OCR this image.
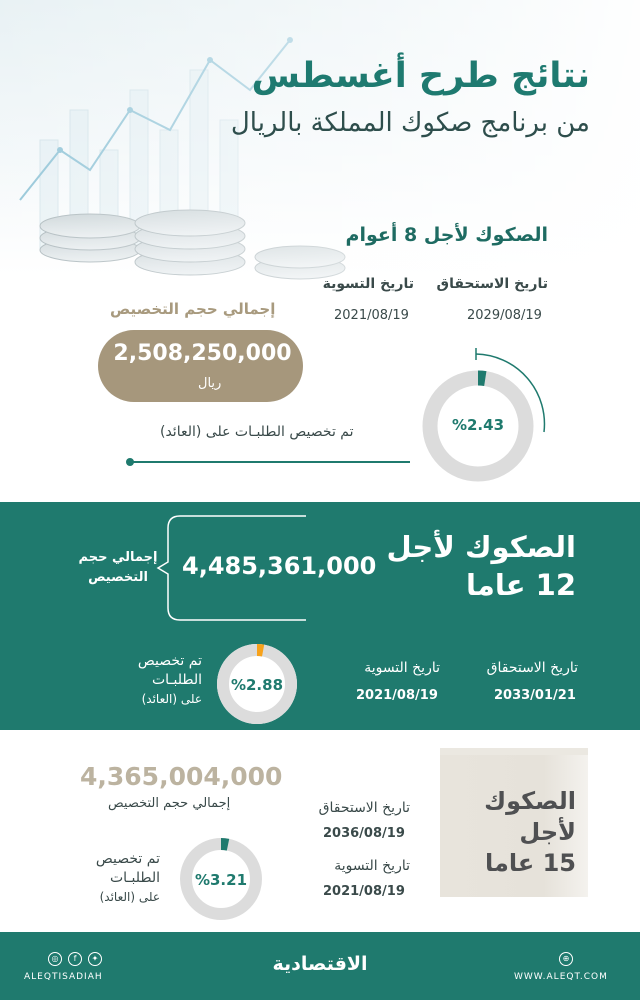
نتائج طرح أغسطس
من برنامج صكوك المملكة بالريال
الصكوك لأجل 8 أعوام
تاريخ الاستحقاق
2029/08/19
تاريخ التسوية
2021/08/19
إجمالي حجم التخصيص
2,508,250,000
ريال
تم تخصيص الطلبـات على (العائد)	%2.43
الصكوك لأجل
12 عاما
4,485,361,000
إجمالي حجم التخصيص
تاريخ الاستحقاق
2033/01/21
تاريخ التسوية
2021/08/19
%2.88
تم تخصيص
الطلبـات
على (العائد)
الصكوك
لأجل
15 عاما
4,365,004,000
إجمالي حجم التخصيص	تاريخ الاستحقاق
2036/08/19
تاريخ التسوية
2021/08/19
%3.21
تم تخصيص
الطلبـات
على (العائد)
◎	f	✦
ALEQTISADIAH
الاقتصادية	⊕
WWW.ALEQT.COM
